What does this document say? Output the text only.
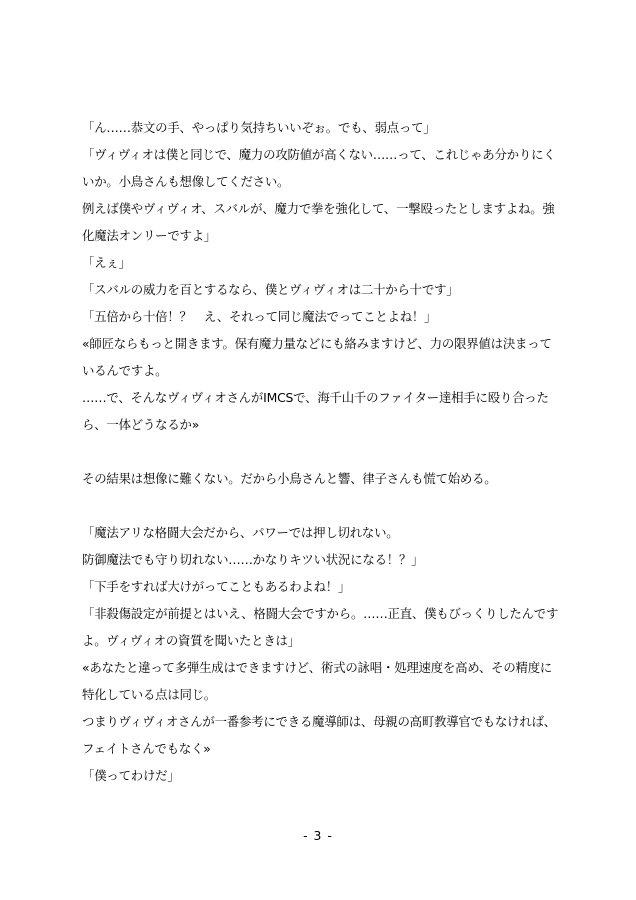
「ん……恭文の手、やっぱり気持ちいいぞぉ。でも、弱点って」
「ヴィヴィオは僕と同じで、魔力の攻防値が高くない……って、これじゃあ分かりにく
いか。小鳥さんも想像してください。
例えば僕やヴィヴィオ、スバルが、魔力で拳を強化して、一撃殴ったとしますよね。強
化魔法オンリーですよ」
「えぇ」
「スバルの威力を百とするなら、僕とヴィヴィオは二十から十です」
「五倍から十倍！？　え、それって同じ魔法でってことよね！」
«師匠ならもっと開きます。保有魔力量などにも絡みますけど、力の限界値は決まって
いるんですよ。
……で、そんなヴィヴィオさんがIMCSで、海千山千のファイター達相手に殴り合った
ら、一体どうなるか»
その結果は想像に難くない。だから小鳥さんと響、律子さんも慌て始める。
「魔法アリな格闘大会だから、パワーでは押し切れない。
防御魔法でも守り切れない……かなりキツい状況になる！？」
「下手をすれば大けがってこともあるわよね！」
「非殺傷設定が前提とはいえ、格闘大会ですから。……正直、僕もびっくりしたんです
よ。ヴィヴィオの資質を聞いたときは」
«あなたと違って多弾生成はできますけど、術式の詠唱・処理速度を高め、その精度に
特化している点は同じ。
つまりヴィヴィオさんが一番参考にできる魔導師は、母親の高町教導官でもなければ、
フェイトさんでもなく»
「僕ってわけだ」
- 3 -
